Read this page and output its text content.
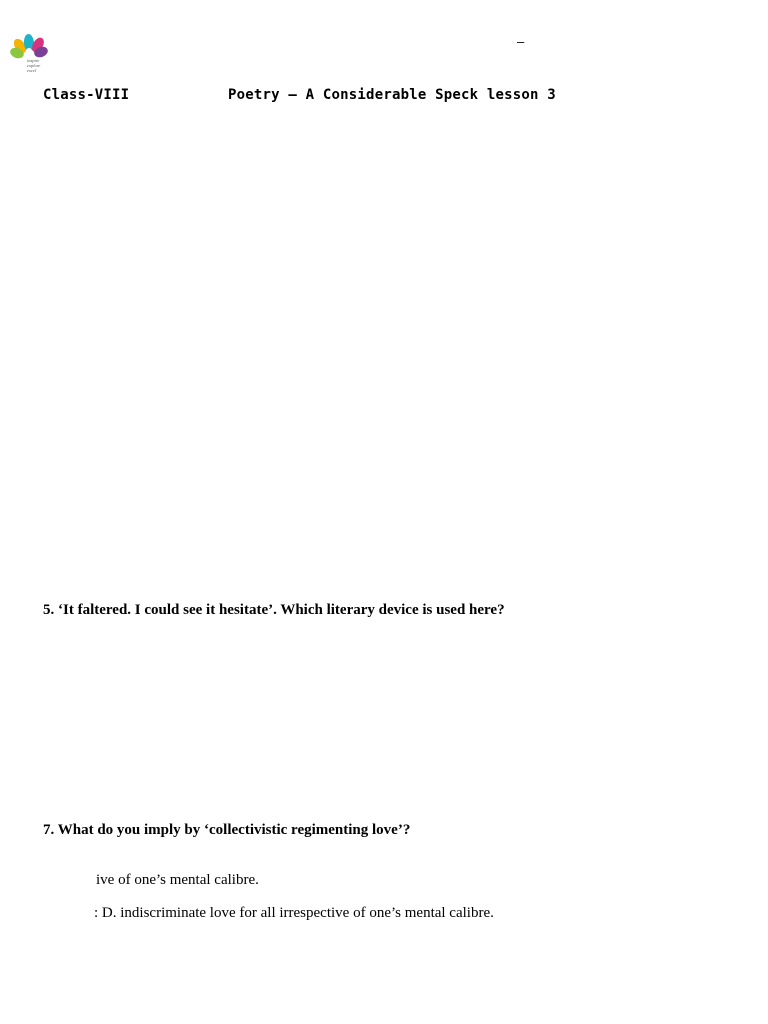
inspire
explore
excel
–
Class-VIII	Poetry – A Considerable Speck lesson 3
5. ‘It faltered. I could see it hesitate’. Which literary device is used here?
7. What do you imply by ‘collectivistic regimenting love’?
ive of one’s mental calibre.
: D. indiscriminate love for all irrespective of one’s mental calibre.
